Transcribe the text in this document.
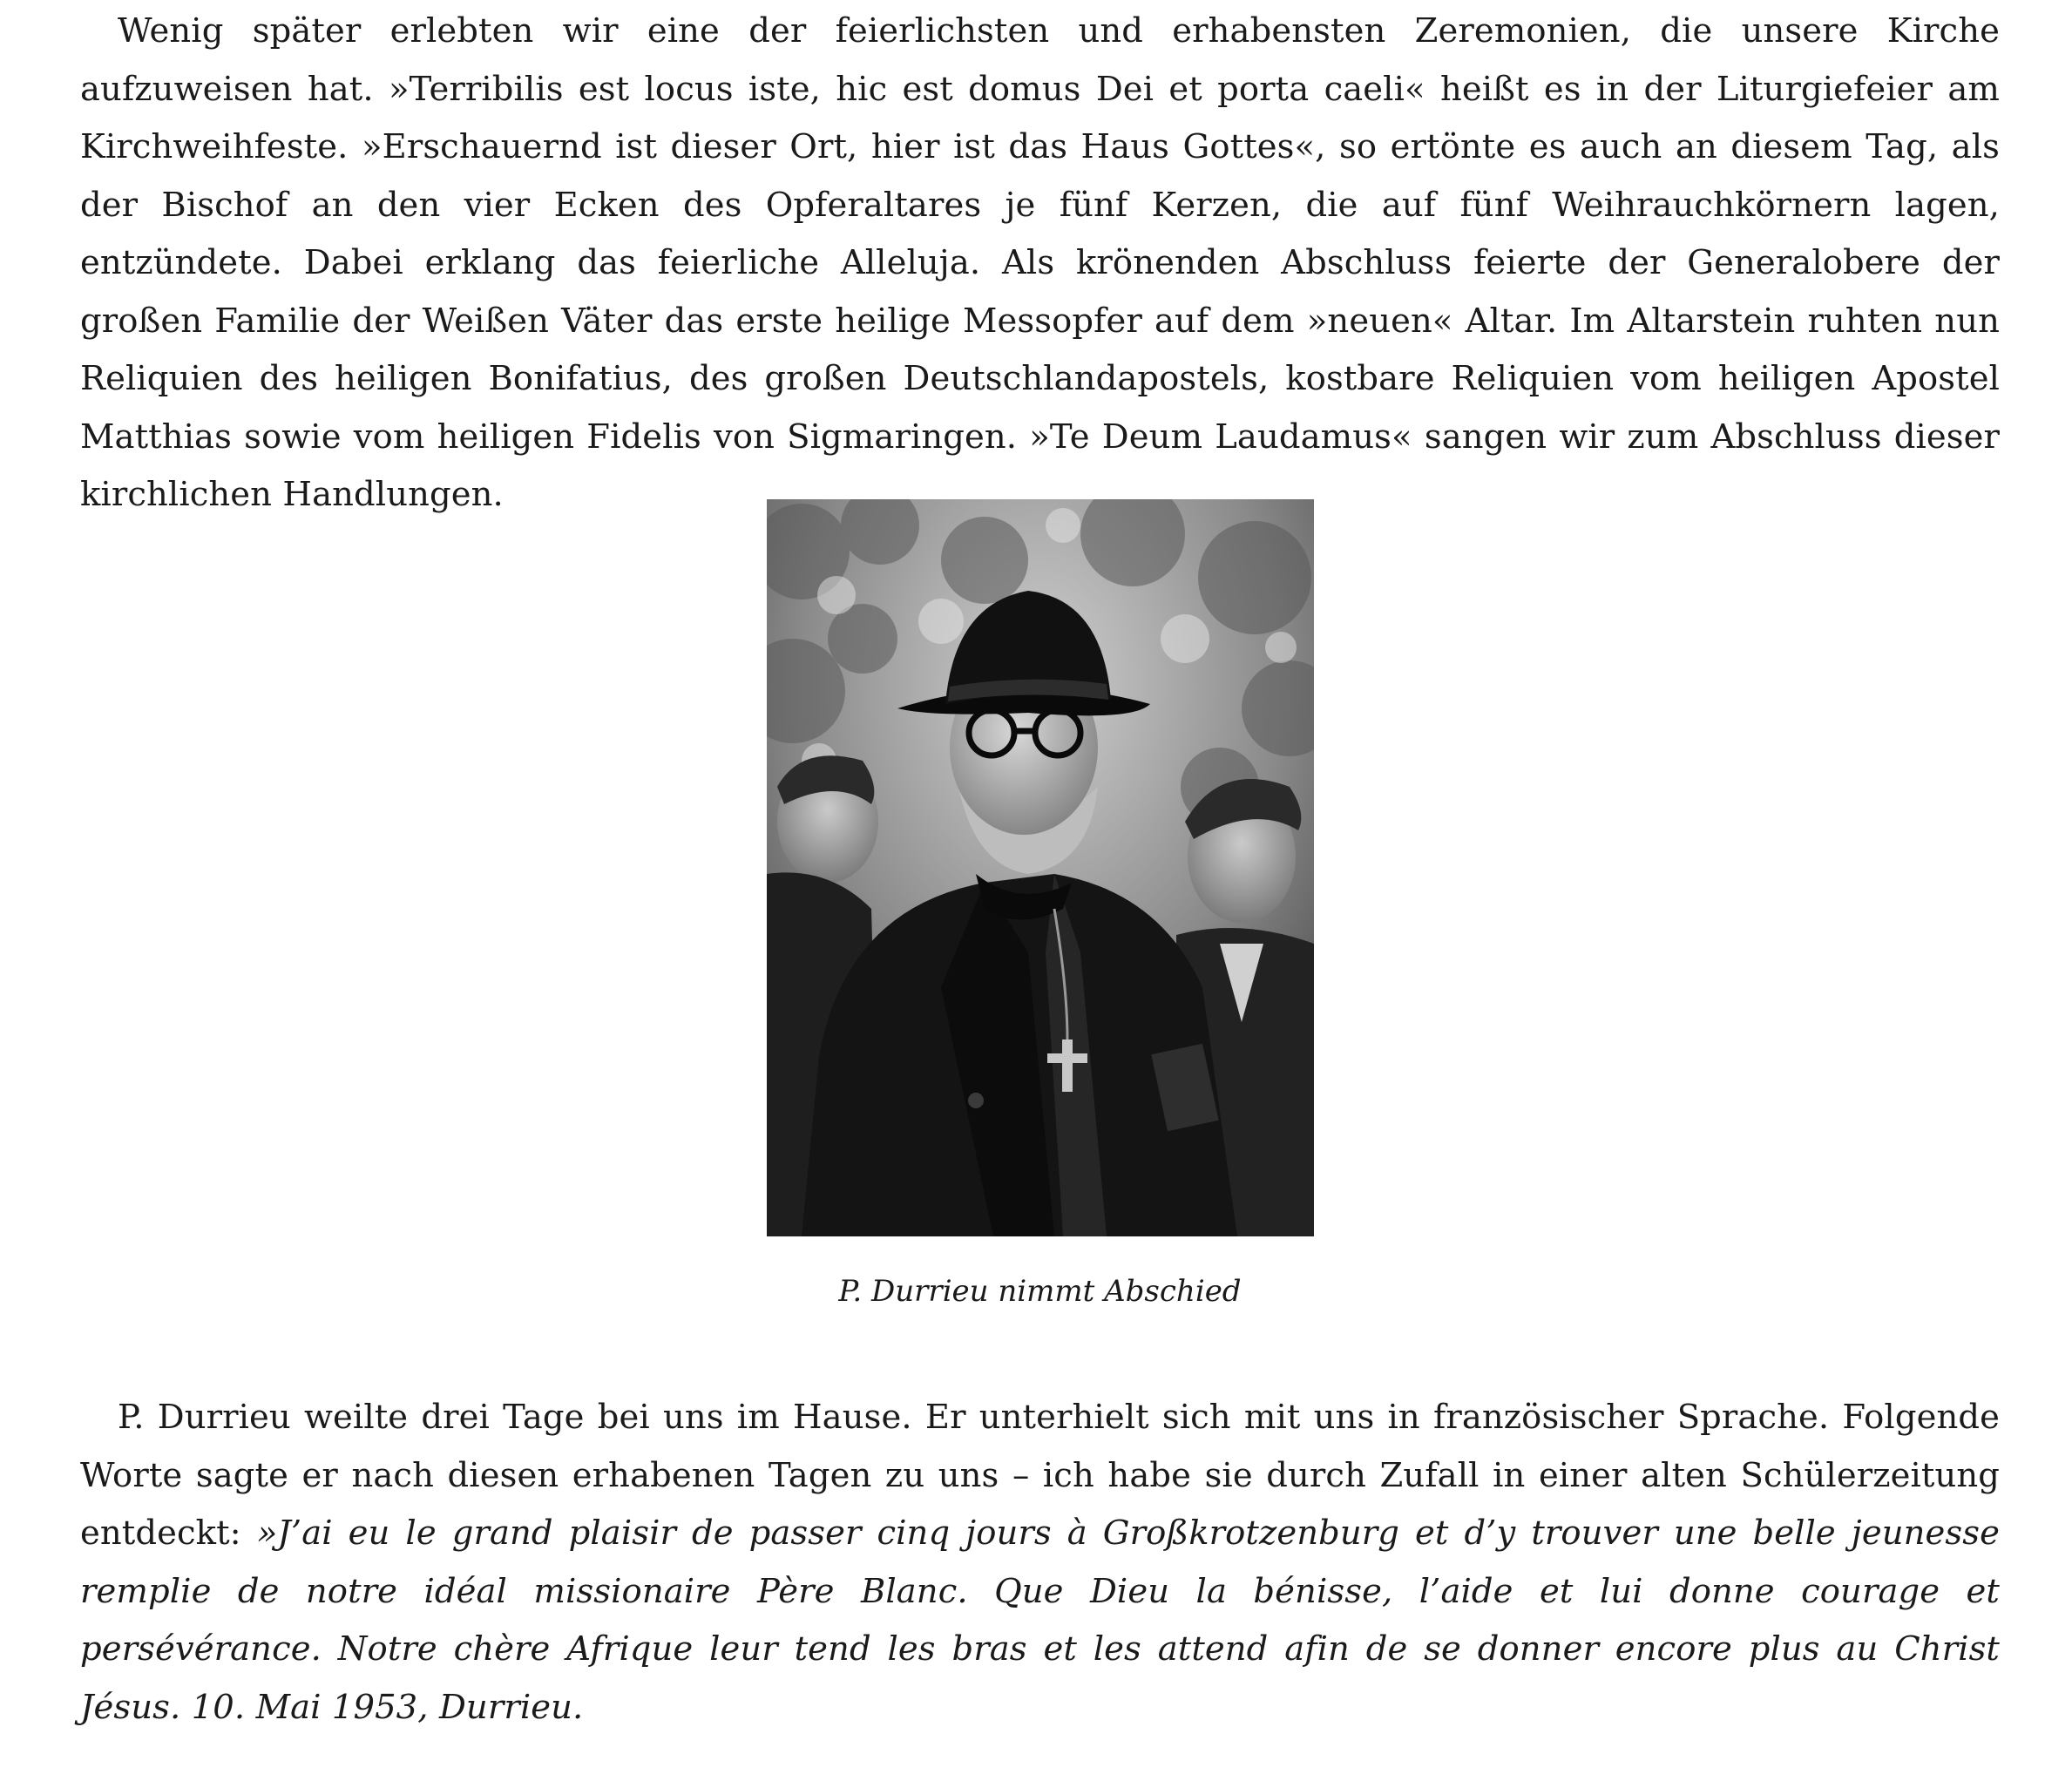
Wenig später erlebten wir eine der feierlichsten und erhabensten Zeremonien, die unsere Kirche aufzuweisen hat. »Terribilis est locus iste, hic est domus Dei et porta caeli« heißt es in der Liturgiefeier am Kirchweihfeste. »Erschauernd ist dieser Ort, hier ist das Haus Gottes«, so ertönte es auch an diesem Tag, als der Bischof an den vier Ecken des Opferaltares je fünf Kerzen, die auf fünf Weihrauchkörnern lagen, entzündete. Dabei erklang das feierliche Alleluja. Als krönenden Abschluss feierte der Generalobere der großen Familie der Weißen Väter das erste heilige Messopfer auf dem »neuen« Altar. Im Altarstein ruhten nun Reliquien des heiligen Bonifatius, des großen Deutschlandapostels, kostbare Reliquien vom heiligen Apostel Matthias sowie vom heiligen Fidelis von Sigmaringen. »Te Deum Laudamus« sangen wir zum Abschluss dieser kirchlichen Handlungen.

P. Durrieu nimmt Abschied

P. Durrieu weilte drei Tage bei uns im Hause. Er unterhielt sich mit uns in französischer Sprache. Folgende Worte sagte er nach diesen erhabenen Tagen zu uns – ich habe sie durch Zufall in einer alten Schülerzeitung entdeckt: »J’ai eu le grand plaisir de passer cinq jours à Großkrotzenburg et d’y trouver une belle jeunesse remplie de notre idéal missionaire Père Blanc. Que Dieu la bénisse, l’aide et lui donne courage et persévérance. Notre chère Afrique leur tend les bras et les attend afin de se donner encore plus au Christ Jésus. 10. Mai 1953, Durrieu.
